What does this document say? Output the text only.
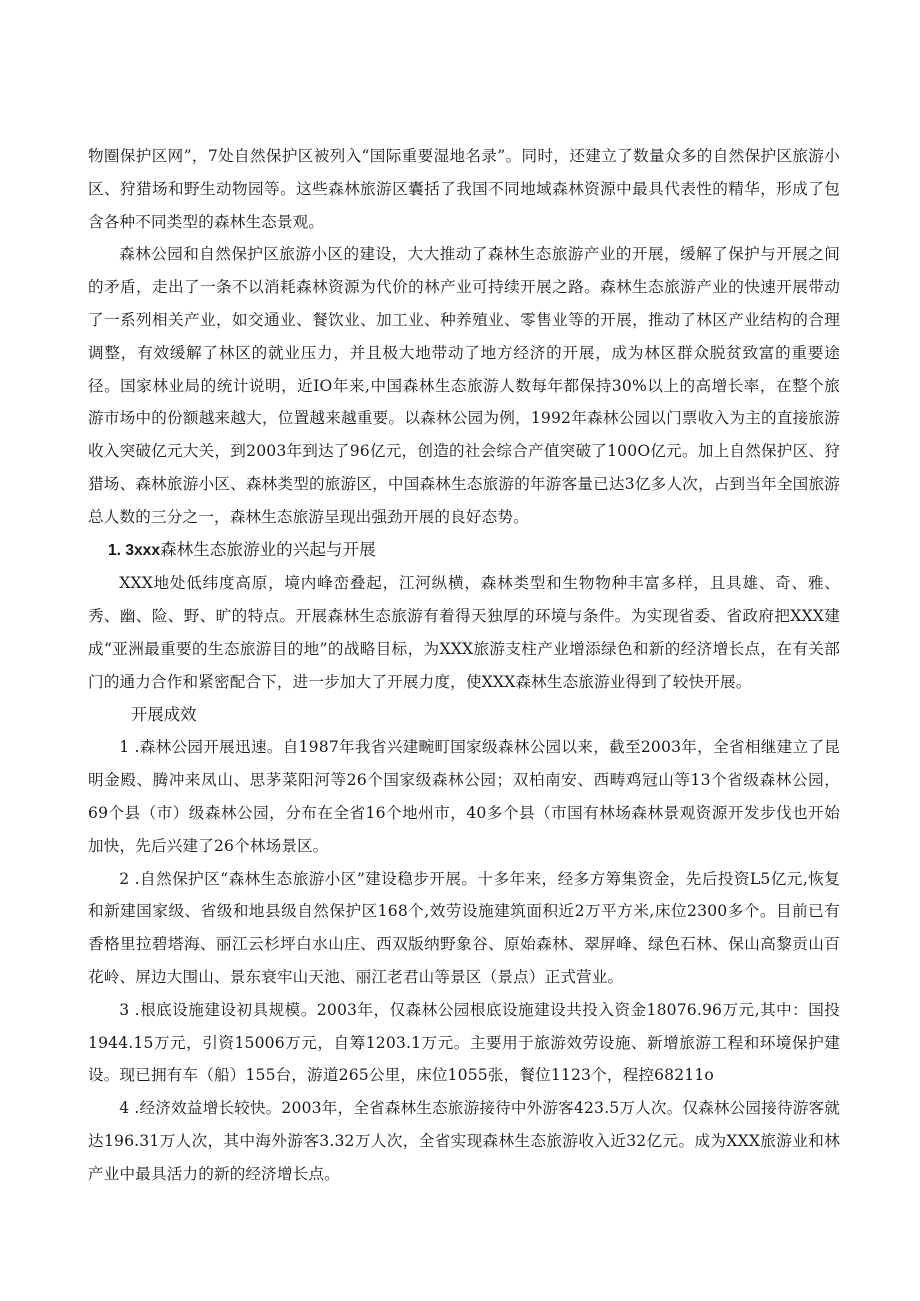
物圈保护区网”，7处自然保护区被列入“国际重要湿地名录”。同时，还建立了数量众多的自然保护区旅游小区、狩猎场和野生动物园等。这些森林旅游区囊括了我国不同地域森林资源中最具代表性的精华，形成了包含各种不同类型的森林生态景观。

森林公园和自然保护区旅游小区的建设，大大推动了森林生态旅游产业的开展，缓解了保护与开展之间的矛盾，走出了一条不以消耗森林资源为代价的林产业可持续开展之路。森林生态旅游产业的快速开展带动了一系列相关产业，如交通业、餐饮业、加工业、种养殖业、零售业等的开展，推动了林区产业结构的合理调整，有效缓解了林区的就业压力，并且极大地带动了地方经济的开展，成为林区群众脱贫致富的重要途径。国家林业局的统计说明，近IO年来,中国森林生态旅游人数每年都保持30%以上的高增长率，在整个旅游市场中的份额越来越大，位置越来越重要。以森林公园为例，1992年森林公园以门票收入为主的直接旅游收入突破亿元大关，到2003年到达了96亿元，创造的社会综合产值突破了100O亿元。加上自然保护区、狩猎场、森林旅游小区、森林类型的旅游区，中国森林生态旅游的年游客量已达3亿多人次，占到当年全国旅游总人数的三分之一，森林生态旅游呈现出强劲开展的良好态势。

1. 3xxx森林生态旅游业的兴起与开展

XXX地处低纬度高原，境内峰峦叠起，江河纵横，森林类型和生物物种丰富多样，且具雄、奇、雅、秀、幽、险、野、旷的特点。开展森林生态旅游有着得天独厚的环境与条件。为实现省委、省政府把XXX建成“亚洲最重要的生态旅游目的地”的战略目标，为XXX旅游支柱产业增添绿色和新的经济增长点，在有关部门的通力合作和紧密配合下，进一步加大了开展力度，使XXX森林生态旅游业得到了较快开展。

开展成效

1 .森林公园开展迅速。自1987年我省兴建畹町国家级森林公园以来，截至2003年，全省相继建立了昆明金殿、腾冲来凤山、思茅菜阳河等26个国家级森林公园；双柏南安、西畴鸡冠山等13个省级森林公园，69个县（市）级森林公园，分布在全省16个地州市，40多个县（市国有林场森林景观资源开发步伐也开始加快，先后兴建了26个林场景区。

2 .自然保护区“森林生态旅游小区”建设稳步开展。十多年来，经多方筹集资金，先后投资L5亿元,恢复和新建国家级、省级和地县级自然保护区168个,效劳设施建筑面积近2万平方米,床位2300多个。目前已有香格里拉碧塔海、丽江云杉坪白水山庄、西双版纳野象谷、原始森林、翠屏峰、绿色石林、保山高黎贡山百花岭、屏边大围山、景东衰牢山天池、丽江老君山等景区（景点）正式营业。

3 .根底设施建设初具规模。2003年，仅森林公园根底设施建设共投入资金18076.96万元,其中：国投1944.15万元，引资15006万元，自筹1203.1万元。主要用于旅游效劳设施、新增旅游工程和环境保护建设。现已拥有车（船）155台，游道265公里，床位1055张，餐位1123个，程控68211o

4 .经济效益增长较快。2003年，全省森林生态旅游接待中外游客423.5万人次。仅森林公园接待游客就达196.31万人次，其中海外游客3.32万人次，全省实现森林生态旅游收入近32亿元。成为XXX旅游业和林产业中最具活力的新的经济增长点。
